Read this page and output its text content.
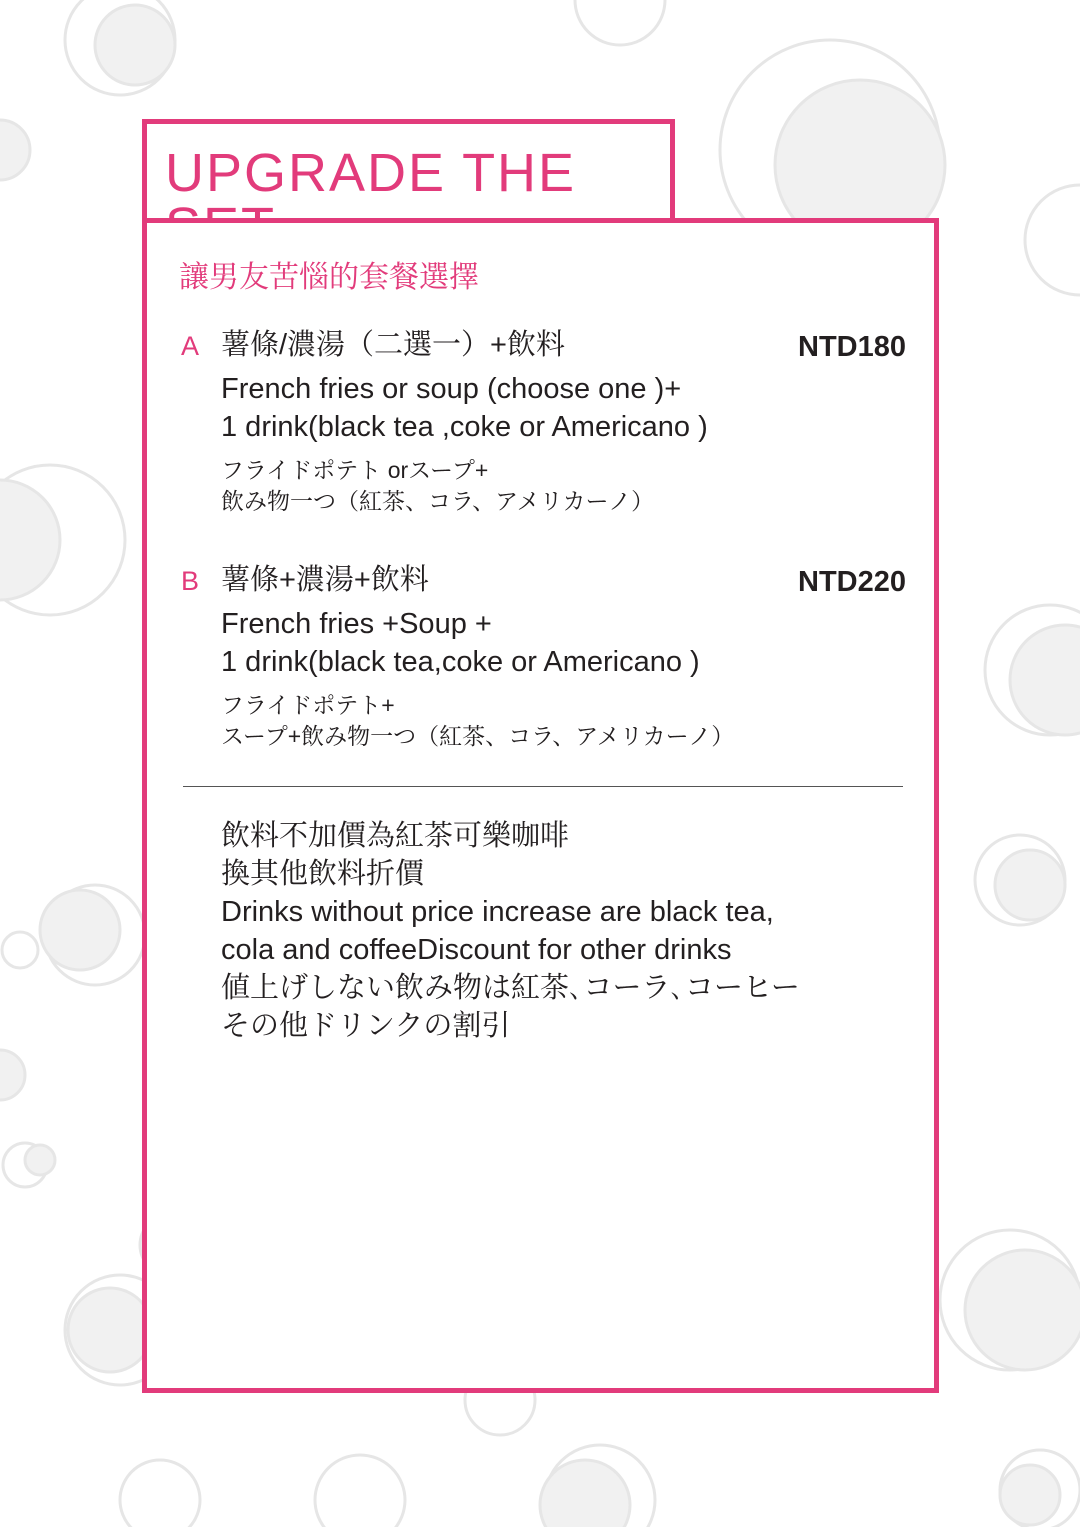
UPGRADE THE
讓男友苦惱的套餐選擇
A 薯條/濃湯（二選一）+飲料	NTD180
French fries or soup (choose one )+
1 drink(black tea ,coke or Americano )
フライドポテト orスープ+
飲み物一つ（紅茶、コラ、アメリカーノ）
B 薯條+濃湯+飲料	NTD220
French fries +Soup +
1 drink(black tea,coke or Americano )
フライドポテト+
スープ+飲み物一つ（紅茶、コラ、アメリカーノ）
飲料不加價為紅茶可樂咖啡
換其他飲料折價
Drinks without price increase are black tea,
cola and coffeeDiscount for other drinks
値上げしない飲み物は紅茶､コーラ､コーヒー
その他ドリンクの割引
